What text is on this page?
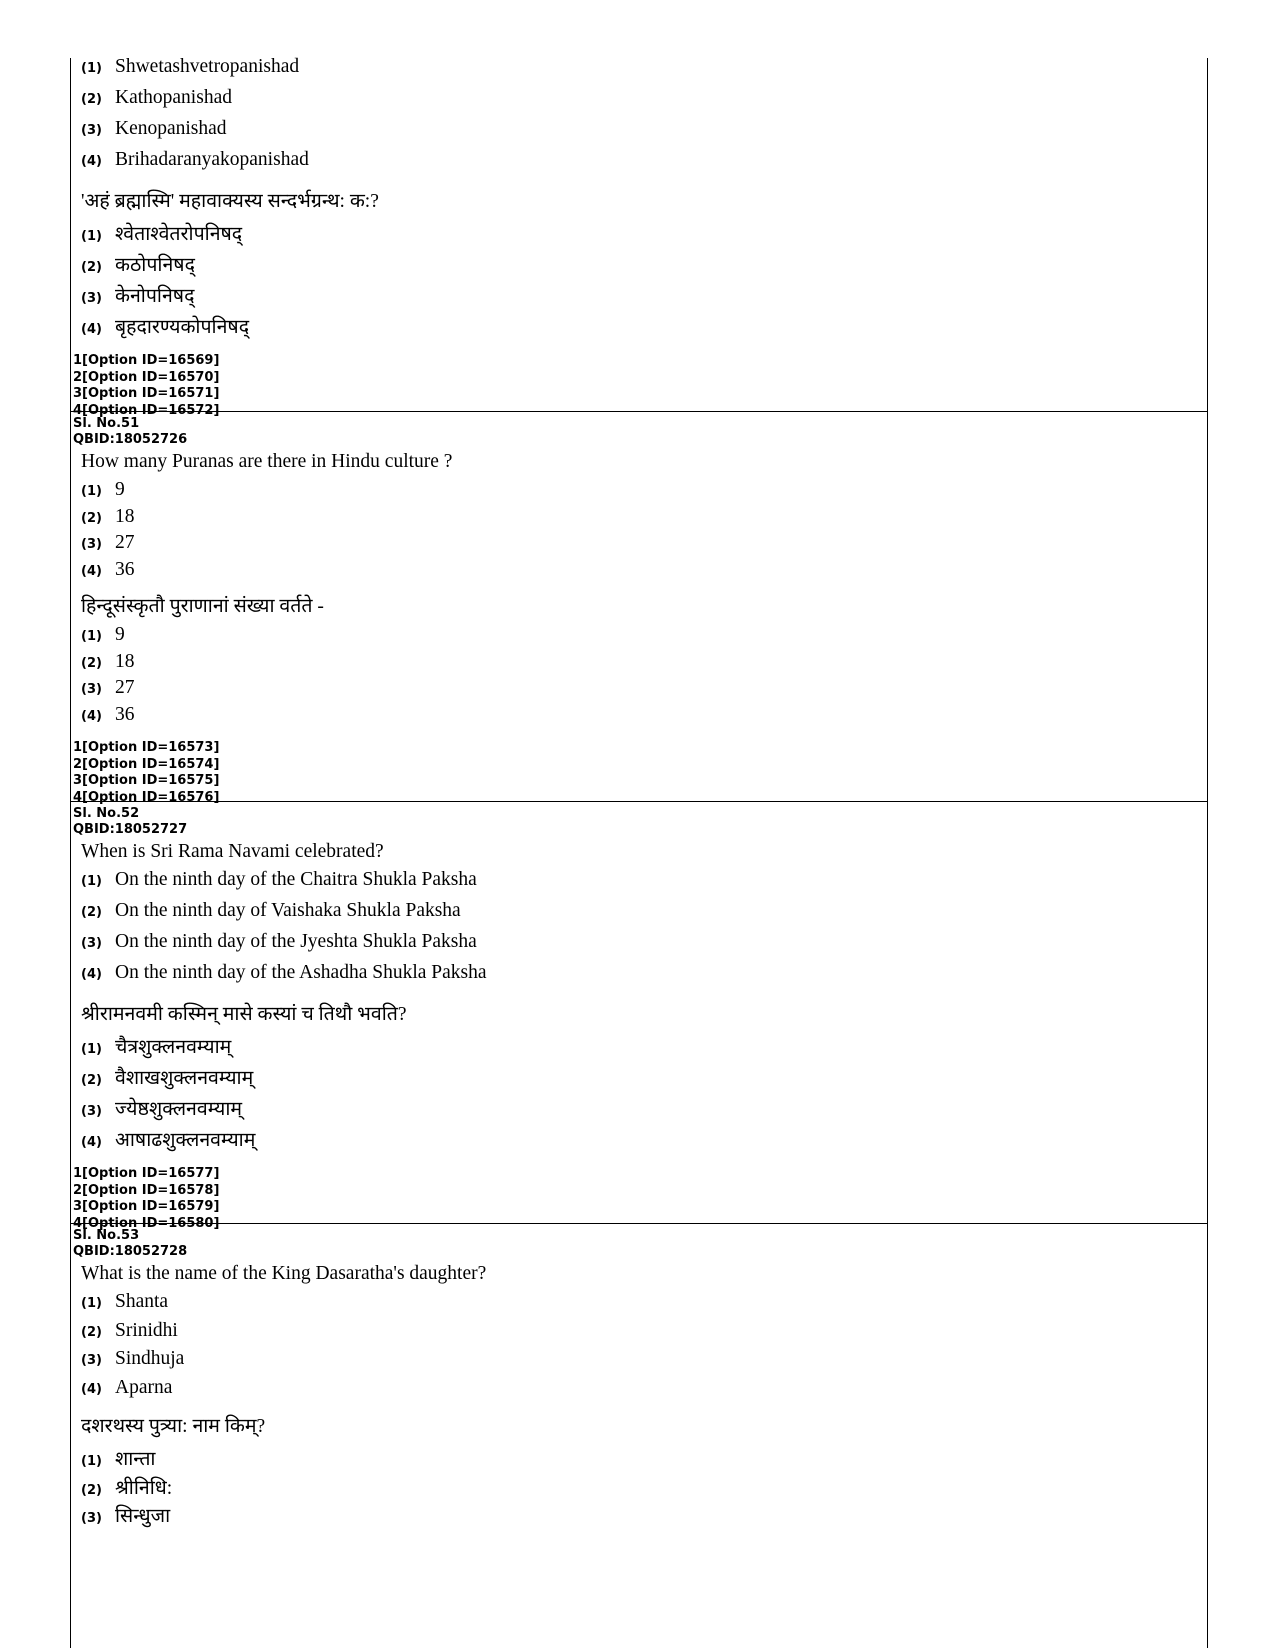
(1) Shwetashvetropanishad
(2) Kathopanishad
(3) Kenopanishad
(4) Brihadaranyakopanishad
'अहं ब्रह्मास्मि' महावाक्यस्य सन्दर्भग्रन्थ: क:?
(1) श्वेताश्वेतरोपनिषद्
(2) कठोपनिषद्
(3) केनोपनिषद्
(4) बृहदारण्यकोपनिषद्
1[Option ID=16569]
2[Option ID=16570]
3[Option ID=16571]
4[Option ID=16572]
Sl. No.51
QBID:18052726
How many Puranas are there in Hindu culture ?
(1) 9
(2) 18
(3) 27
(4) 36
हिन्दूसंस्कृतौ पुराणानां संख्या वर्तते -
(1) 9
(2) 18
(3) 27
(4) 36
1[Option ID=16573]
2[Option ID=16574]
3[Option ID=16575]
4[Option ID=16576]
Sl. No.52
QBID:18052727
When is Sri Rama Navami celebrated?
(1) On the ninth day of the Chaitra Shukla Paksha
(2) On the ninth day of Vaishaka Shukla Paksha
(3) On the ninth day of the Jyeshta Shukla Paksha
(4) On the ninth day of the Ashadha Shukla Paksha
श्रीरामनवमी कस्मिन् मासे कस्यां च तिथौ भवति?
(1) चैत्रशुक्लनवम्याम्
(2) वैशाखशुक्लनवम्याम्
(3) ज्येष्ठशुक्लनवम्याम्
(4) आषाढशुक्लनवम्याम्
1[Option ID=16577]
2[Option ID=16578]
3[Option ID=16579]
4[Option ID=16580]
Sl. No.53
QBID:18052728
What is the name of the King Dasaratha's daughter?
(1) Shanta
(2) Srinidhi
(3) Sindhuja
(4) Aparna
दशरथस्य पुत्र्या: नाम किम्?
(1) शान्ता
(2) श्रीनिधि:
(3) सिन्धुजा
